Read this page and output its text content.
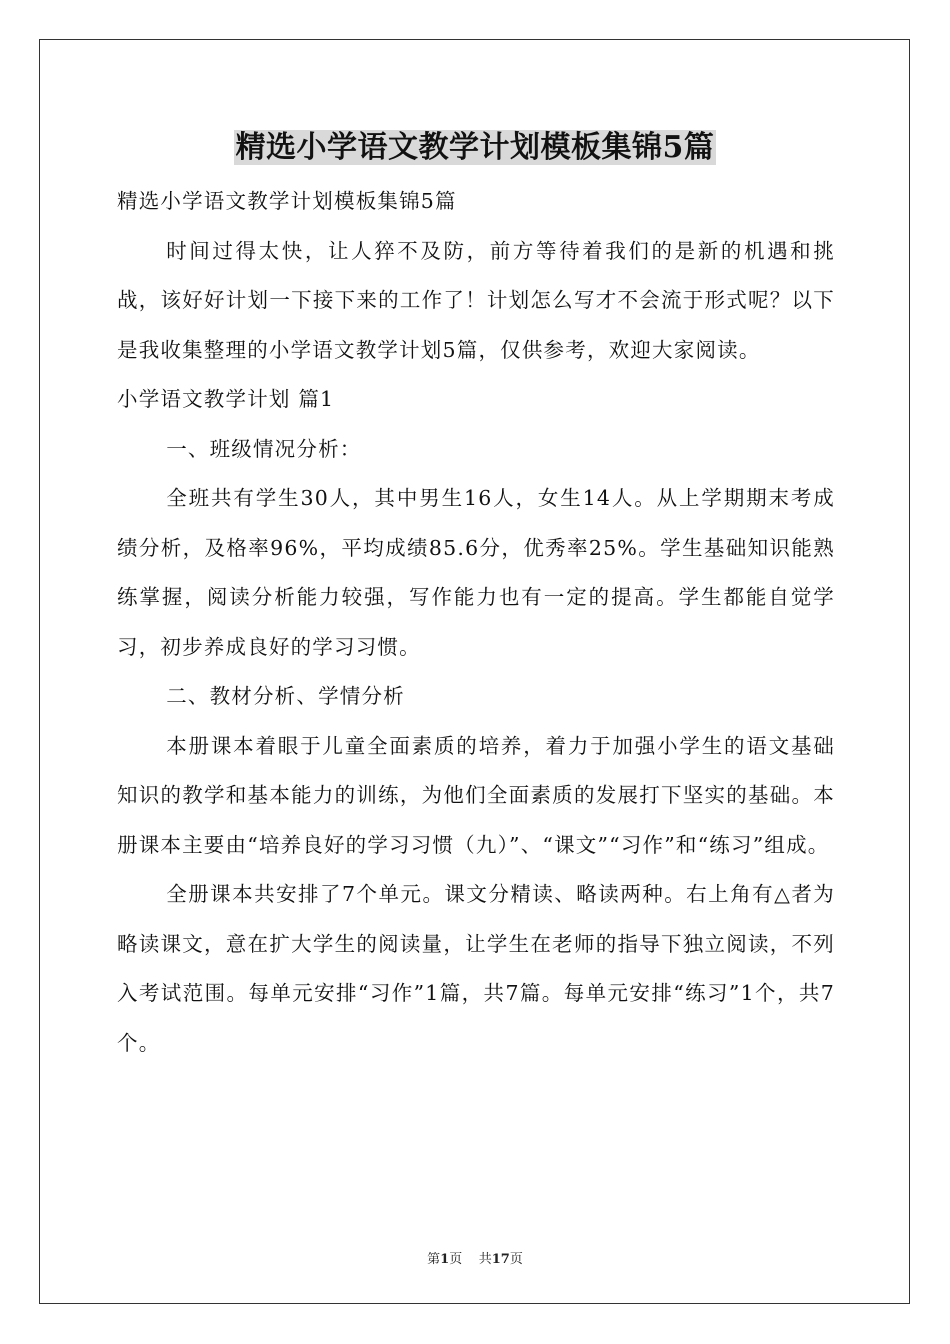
精选小学语文教学计划模板集锦5篇

精选小学语文教学计划模板集锦5篇

时间过得太快，让人猝不及防，前方等待着我们的是新的机遇和挑战，该好好计划一下接下来的工作了！计划怎么写才不会流于形式呢？以下是我收集整理的小学语文教学计划5篇，仅供参考，欢迎大家阅读。

小学语文教学计划 篇1

一、班级情况分析：

全班共有学生30人，其中男生16人，女生14人。从上学期期末考成绩分析，及格率96%，平均成绩85.6分，优秀率25%。学生基础知识能熟练掌握，阅读分析能力较强，写作能力也有一定的提高。学生都能自觉学习，初步养成良好的学习习惯。

二、教材分析、学情分析

本册课本着眼于儿童全面素质的培养，着力于加强小学生的语文基础知识的教学和基本能力的训练，为他们全面素质的发展打下坚实的基础。本册课本主要由“培养良好的学习习惯（九）”、“课文”“习作”和“练习”组成。

全册课本共安排了7个单元。课文分精读、略读两种。右上角有△者为略读课文，意在扩大学生的阅读量，让学生在老师的指导下独立阅读，不列入考试范围。每单元安排“习作”1篇，共7篇。每单元安排“练习”1个，共7个。

第1页    共17页
